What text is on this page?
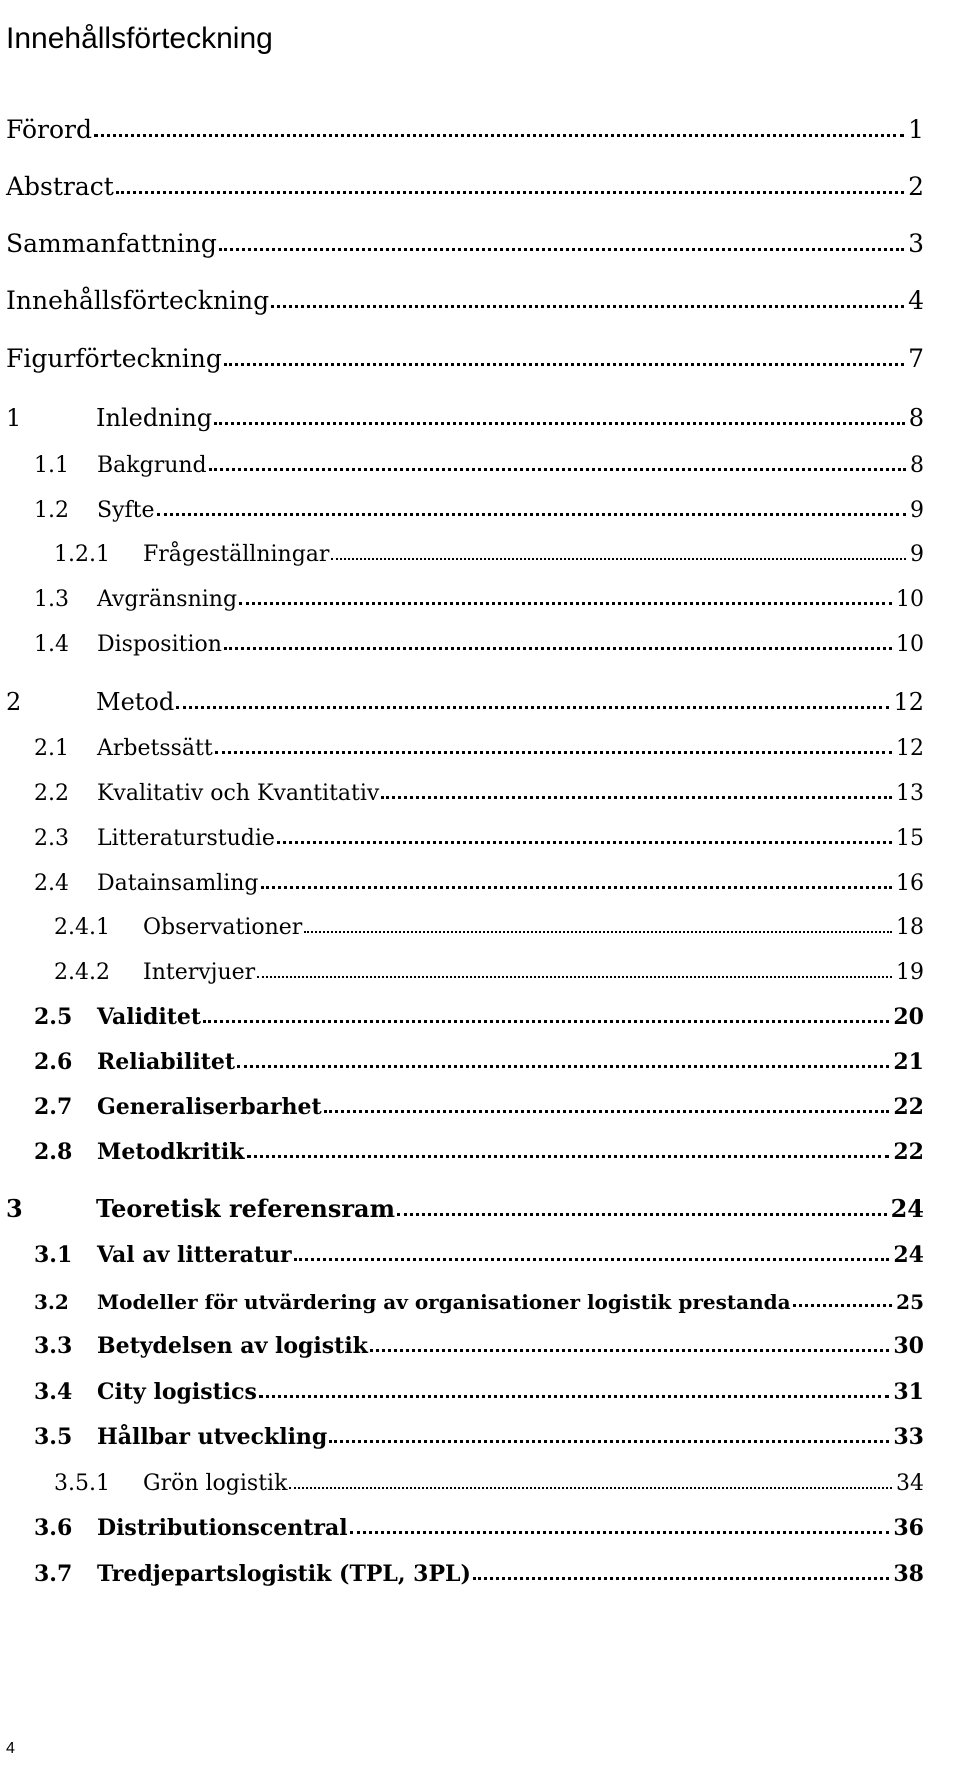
Innehållsförteckning
Förord	1
Abstract	2
Sammanfattning	3
Innehållsförteckning	4
Figurförteckning	7
1	Inledning	8
1.1	Bakgrund	8
1.2	Syfte	9
1.2.1	Frågeställningar	9
1.3	Avgränsning	10
1.4	Disposition	10
2	Metod	12
2.1	Arbetssätt	12
2.2	Kvalitativ och Kvantitativ	13
2.3	Litteraturstudie	15
2.4	Datainsamling	16
2.4.1	Observationer	18
2.4.2	Intervjuer	19
2.5	Validitet	20
2.6	Reliabilitet	21
2.7	Generaliserbarhet	22
2.8	Metodkritik	22
3	Teoretisk referensram	24
3.1	Val av litteratur	24
3.2	Modeller för utvärdering av organisationer logistik prestanda	25
3.3	Betydelsen av logistik	30
3.4	City logistics	31
3.5	Hållbar utveckling	33
3.5.1	Grön logistik	34
3.6	Distributionscentral	36
3.7	Tredjepartslogistik (TPL, 3PL)	38
4
